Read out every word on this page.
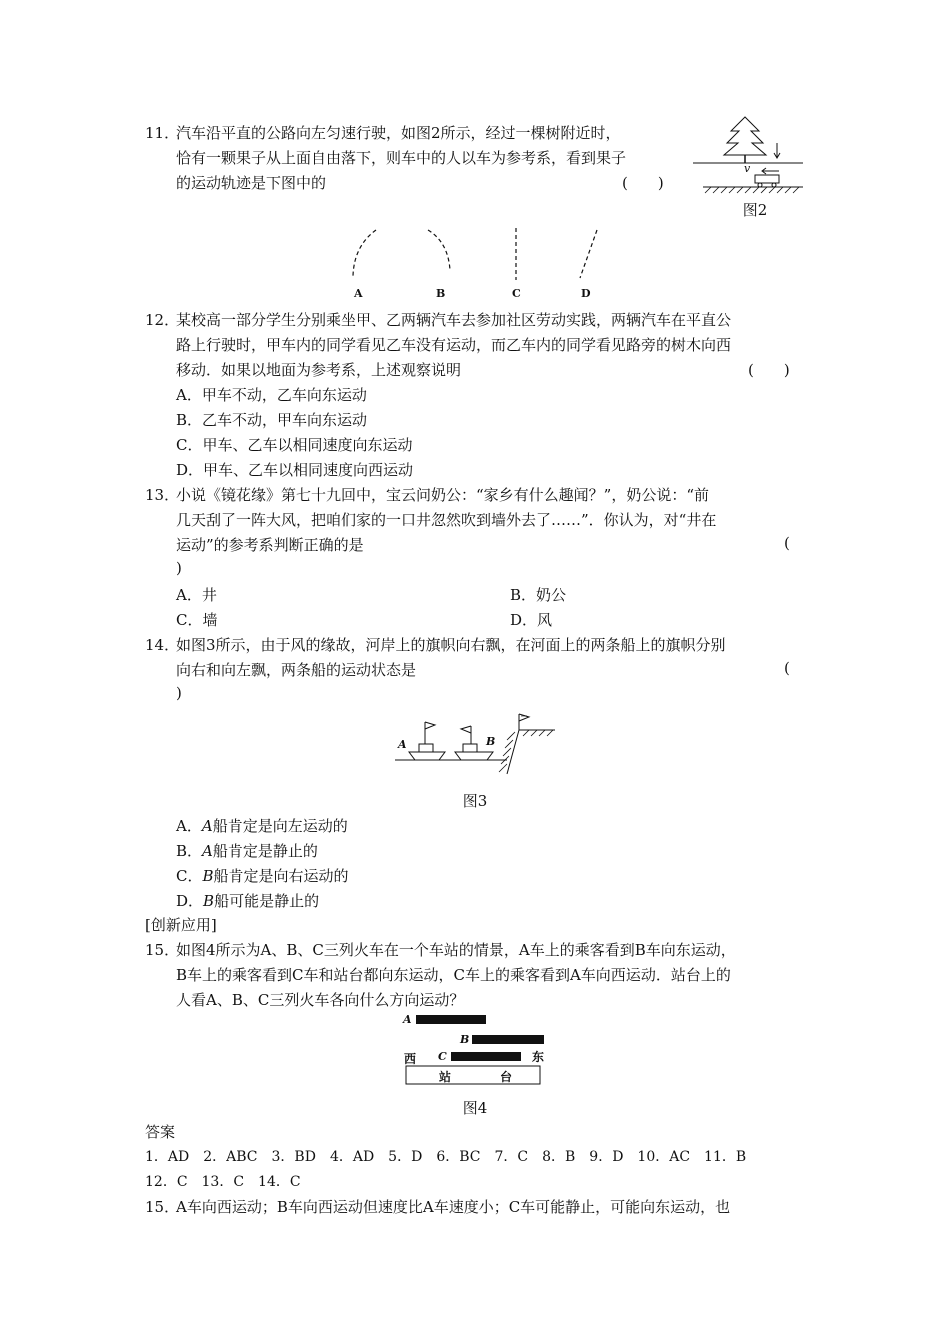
11．
汽车沿平直的公路向左匀速行驶，如图2所示，经过一棵树附近时，
恰有一颗果子从上面自由落下，则车中的人以车为参考系，看到果子
的运动轨迹是下图中的	(　　)
v
图2
A	B	C	D
12．
某校高一部分学生分别乘坐甲、乙两辆汽车去参加社区劳动实践，两辆汽车在平直公
路上行驶时，甲车内的同学看见乙车没有运动，而乙车内的同学看见路旁的树木向西
移动．如果以地面为参考系，上述观察说明	(　　)
A．甲车不动，乙车向东运动
B．乙车不动，甲车向东运动
C．甲车、乙车以相同速度向东运动
D．甲车、乙车以相同速度向西运动
13．
小说《镜花缘》第七十九回中，宝云问奶公：“家乡有什么趣闻？”，奶公说：“前
几天刮了一阵大风，把咱们家的一口井忽然吹到墙外去了……”．你认为，对“井在
运动”的参考系判断正确的是	(
)
A．井	B．奶公
C．墙	D．风
14．
如图3所示，由于风的缘故，河岸上的旗帜向右飘，在河面上的两条船上的旗帜分别
向右和向左飘，两条船的运动状态是	(
)
A	B
图3
A．A船肯定是向左运动的
B．A船肯定是静止的
C．B船肯定是向右运动的
D．B船可能是静止的
[创新应用]
15．
如图4所示为A、B、C三列火车在一个车站的情景，A车上的乘客看到B车向东运动，
B车上的乘客看到C车和站台都向东运动，C车上的乘客看到A车向西运动．站台上的
人看A、B、C三列火车各向什么方向运动？
A
B
C
西	东
站	台
图4
答案
1．AD　2．ABC　3．BD　4．AD　5．D　6．BC　7．C　8．B　9．D　10．AC　11．B
12．C　13．C　14．C
15．
A车向西运动；B车向西运动但速度比A车速度小；C车可能静止，可能向东运动，也
